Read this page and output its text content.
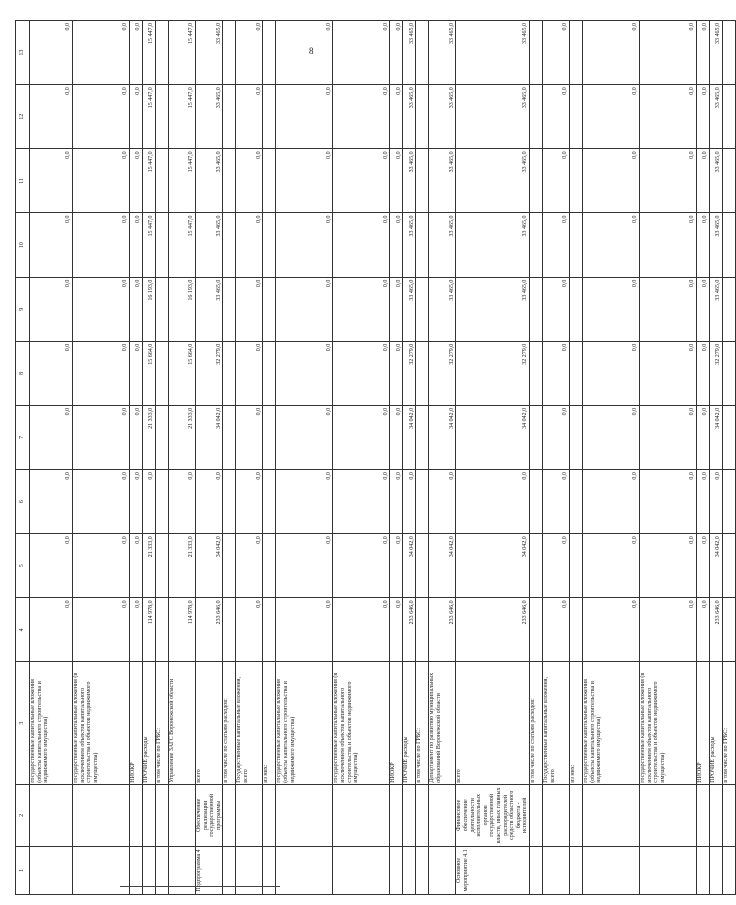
8
1	2	3	4	5	6	7	8	9	10	11	12	13
		государственные капитальные вложения (объекты капитального строительства и недвижимого имущества)	0,0	0,0	0,0	0,0	0,0	0,0	0,0	0,0	0,0	0,0
		государственные капитальные вложения (в исключением объектов капитального строительства и объектов недвижимого имущества)	0,0	0,0	0,0	0,0	0,0	0,0	0,0	0,0	0,0	0,0
		НИОКР	0,0	0,0	0,0	0,0	0,0	0,0	0,0	0,0	0,0	0,0
		ПРОЧИЕ расходы	114 978,0	21 333,0	0,0	21 333,0	15 664,0	16 193,0	15 447,0	15 447,0	15 447,0	15 447,0
		в том числе по ГРБС:										
		Управление ЗАГС Воронежской области	114 978,0	21 333,0	0,0	21 333,0	15 664,0	16 193,0	15 447,0	15 447,0	15 447,0	15 447,0
Подпрограмма 4	Обеспечение реализации государственной программы	всего	233 646,0	34 042,0	0,0	34 042,0	32 279,0	33 465,0	33 465,0	33 465,0	33 465,0	33 465,0
		в том числе по статьям расходов:										
		Государственные капитальные вложения, всего	0,0	0,0	0,0	0,0	0,0	0,0	0,0	0,0	0,0	0,0
		из них:										
		государственные капитальные вложения (объекты капитального строительства и недвижимого имущества)	0,0	0,0	0,0	0,0	0,0	0,0	0,0	0,0	0,0	0,0
		государственные капитальные вложения (в исключением объектов капитального строительства и объектов недвижимого имущества)	0,0	0,0	0,0	0,0	0,0	0,0	0,0	0,0	0,0	0,0
		НИОКР	0,0	0,0	0,0	0,0	0,0	0,0	0,0	0,0	0,0	0,0
		ПРОЧИЕ расходы	233 646,0	34 042,0	0,0	34 042,0	32 279,0	33 465,0	33 465,0	33 465,0	33 465,0	33 465,0
		в том числе по ГРБС:										
		Департамент по развитию муниципальных образований Воронежской области	233 646,0	34 042,0	0,0	34 042,0	32 279,0	33 465,0	33 465,0	33 465,0	33 465,0	33 465,0
Основное мероприятие 4.1	Финансовое обеспечение деятельности исполнительных органов государственной власти, иных главных распорядителей средств областного бюджета - исполнителей	всего	233 646,0	34 042,0	0,0	34 042,0	32 279,0	33 465,0	33 465,0	33 465,0	33 465,0	33 465,0
		в том числе по статьям расходов:										
		Государственные капитальные вложения, всего	0,0	0,0	0,0	0,0	0,0	0,0	0,0	0,0	0,0	0,0
		из них:										
		государственные капитальные вложения (объекты капитального строительства и недвижимого имущества)	0,0	0,0	0,0	0,0	0,0	0,0	0,0	0,0	0,0	0,0
		государственные капитальные вложения (в исключением объектов капитального строительства и объектов недвижимого имущества)	0,0	0,0	0,0	0,0	0,0	0,0	0,0	0,0	0,0	0,0
		НИОКР	0,0	0,0	0,0	0,0	0,0	0,0	0,0	0,0	0,0	0,0
		ПРОЧИЕ расходы	233 646,0	34 042,0	0,0	34 042,0	32 279,0	33 465,0	33 465,0	33 465,0	33 465,0	33 465,0
		в том числе по ГРБС:										
